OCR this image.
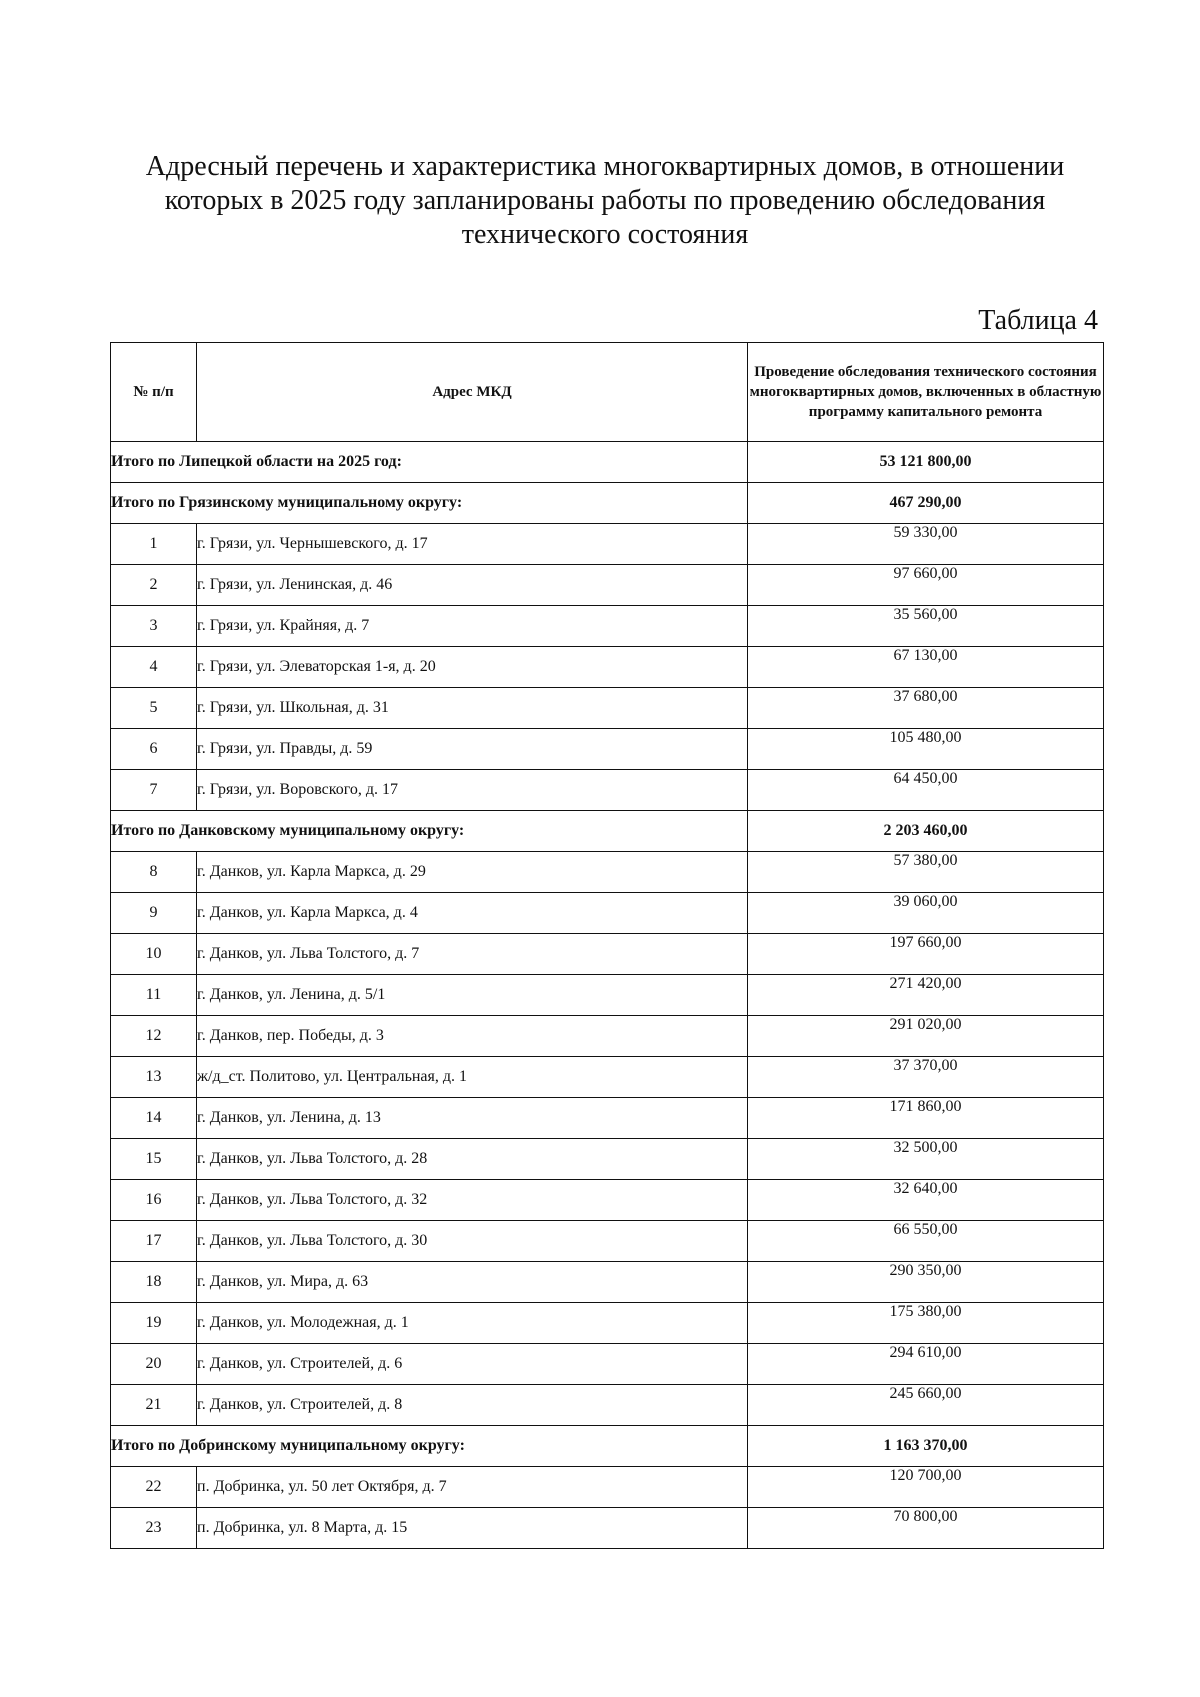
Адресный перечень и характеристика многоквартирных домов, в отношении
которых в 2025 году запланированы работы по проведению обследования
технического состояния
Таблица 4
№ п/п	Адрес МКД	Проведение обследования технического состояния многоквартирных домов, включенных в областную программу капитального ремонта
Итого по Липецкой области на 2025 год:		53 121 800,00
Итого по Грязинскому муниципальному округу:		467 290,00
1	г. Грязи, ул. Чернышевского, д. 17	59 330,00
2	г. Грязи, ул. Ленинская, д. 46	97 660,00
3	г. Грязи, ул. Крайняя, д. 7	35 560,00
4	г. Грязи, ул. Элеваторская 1-я, д. 20	67 130,00
5	г. Грязи, ул. Школьная, д. 31	37 680,00
6	г. Грязи, ул. Правды, д. 59	105 480,00
7	г. Грязи, ул. Воровского, д. 17	64 450,00
Итого по Данковскому муниципальному округу:		2 203 460,00
8	г. Данков, ул. Карла Маркса, д. 29	57 380,00
9	г. Данков, ул. Карла Маркса, д. 4	39 060,00
10	г. Данков, ул. Льва Толстого, д. 7	197 660,00
11	г. Данков, ул. Ленина, д. 5/1	271 420,00
12	г. Данков, пер. Победы, д. 3	291 020,00
13	ж/д_ст. Политово, ул. Центральная, д. 1	37 370,00
14	г. Данков, ул. Ленина, д. 13	171 860,00
15	г. Данков, ул. Льва Толстого, д. 28	32 500,00
16	г. Данков, ул. Льва Толстого, д. 32	32 640,00
17	г. Данков, ул. Льва Толстого, д. 30	66 550,00
18	г. Данков, ул. Мира, д. 63	290 350,00
19	г. Данков, ул. Молодежная, д. 1	175 380,00
20	г. Данков, ул. Строителей, д. 6	294 610,00
21	г. Данков, ул. Строителей, д. 8	245 660,00
Итого по Добринскому муниципальному округу:		1 163 370,00
22	п. Добринка, ул. 50 лет Октября, д. 7	120 700,00
23	п. Добринка, ул. 8 Марта, д. 15	70 800,00
